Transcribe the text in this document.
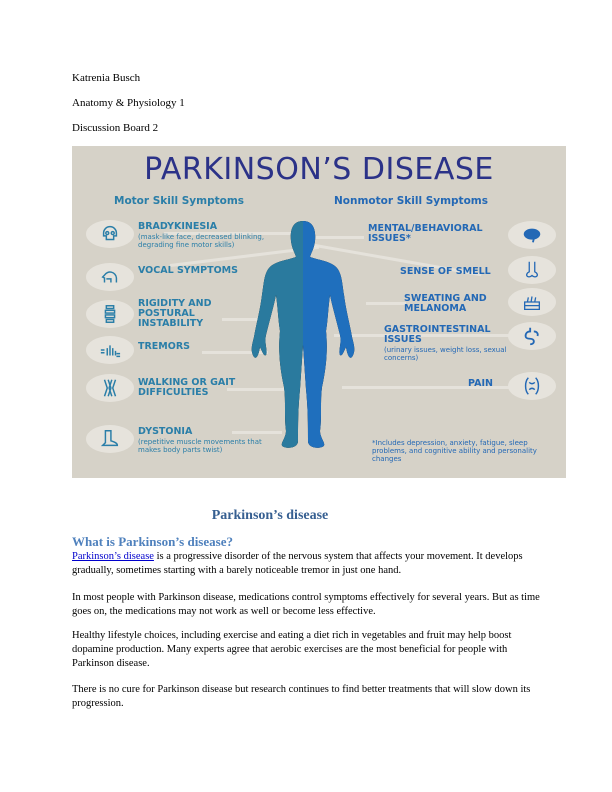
Katrenia Busch
Anatomy & Physiology 1
Discussion Board 2
PARKINSON’S DISEASE
Motor Skill Symptoms	Nonmotor Skill Symptoms
BRADYKINESIA
(mask-like face, decreased blinking, degrading fine motor skills)
VOCAL SYMPTOMS
RIGIDITY AND POSTURAL INSTABILITY
TREMORS
WALKING OR GAIT DIFFICULTIES
DYSTONIA
(repetitive muscle movements that makes body parts twist)
MENTAL/BEHAVIORAL ISSUES*
SENSE OF SMELL
SWEATING AND MELANOMA
GASTROINTESTINAL ISSUES
(urinary issues, weight loss, sexual concerns)
PAIN
*Includes depression, anxiety, fatigue, sleep problems, and cognitive ability and personality changes
Parkinson’s disease
What is Parkinson’s disease?
Parkinson’s disease is a progressive disorder of the nervous system that affects your movement. It develops gradually, sometimes starting with a barely noticeable tremor in just one hand.
In most people with Parkinson disease, medications control symptoms effectively for several years. But as time goes on, the medications may not work as well or become less effective.
Healthy lifestyle choices, including exercise and eating a diet rich in vegetables and fruit may help boost dopamine production. Many experts agree that aerobic exercises are the most beneficial for people with Parkinson disease.
There is no cure for Parkinson disease but research continues to find better treatments that will slow down its progression.
